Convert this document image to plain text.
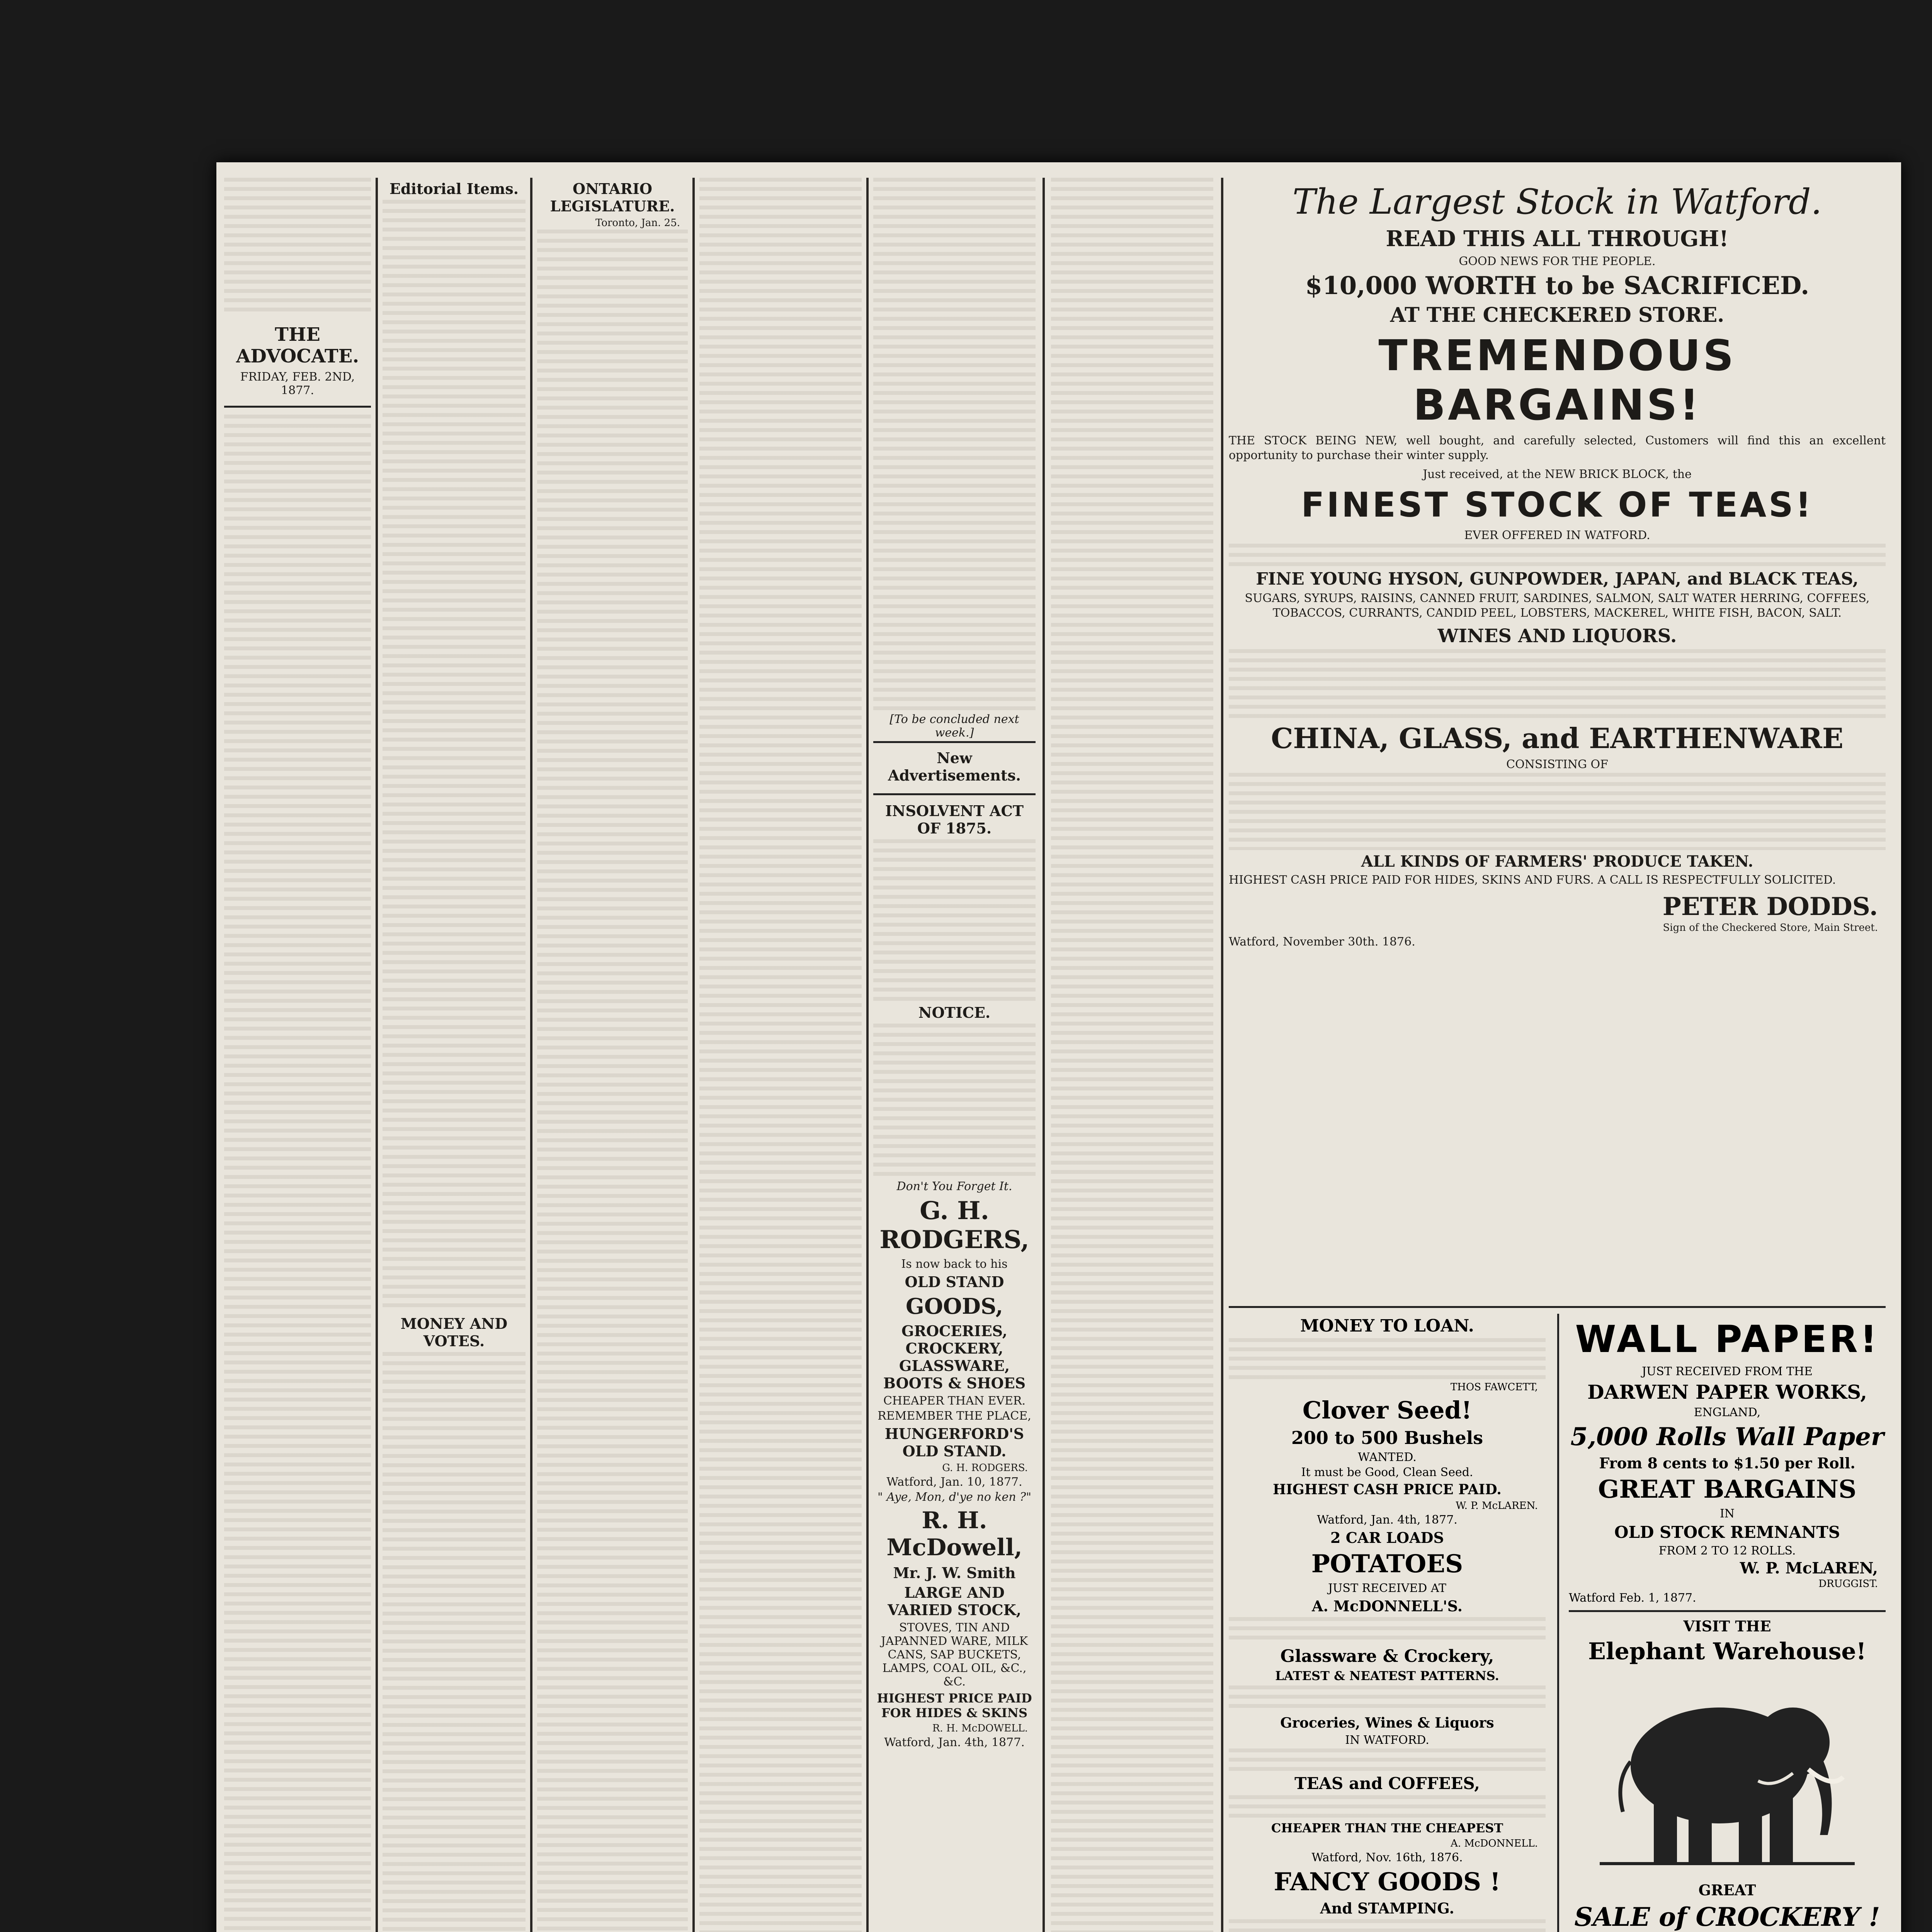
THE ADVOCATE.
FRIDAY, FEB. 2ND, 1877.
Editorial Items.
MONEY AND VOTES.
ONTARIO LEGISLATURE.
Toronto, Jan. 25.
[To be concluded next week.]
New Advertisements.
INSOLVENT ACT OF 1875.
NOTICE.
Don't You Forget It.
G. H. RODGERS,
Is now back to his
OLD STAND
GOODS,
GROCERIES, CROCKERY, GLASSWARE, BOOTS & SHOES
CHEAPER THAN EVER.
REMEMBER THE PLACE,
HUNGERFORD'S OLD STAND.
G. H. RODGERS.
Watford, Jan. 10, 1877.
" Aye, Mon, d'ye no ken ?"
R. H. McDowell,
Mr. J. W. Smith
LARGE AND VARIED STOCK,
STOVES, TIN AND JAPANNED WARE, MILK CANS, SAP BUCKETS, LAMPS, COAL OIL, &C., &C.
HIGHEST PRICE PAID FOR HIDES & SKINS
R. H. McDOWELL.
Watford, Jan. 4th, 1877.
The Largest Stock in Watford.
READ THIS ALL THROUGH!
GOOD NEWS FOR THE PEOPLE.
$10,000 WORTH to be SACRIFICED.
AT THE CHECKERED STORE.
TREMENDOUS BARGAINS!
THE STOCK BEING NEW, well bought, and carefully selected, Customers will find this an excellent opportunity to purchase their winter supply.
Just received, at the NEW BRICK BLOCK, the
FINEST STOCK OF TEAS!
EVER OFFERED IN WATFORD.
FINE YOUNG HYSON, GUNPOWDER, JAPAN, and BLACK TEAS,
SUGARS, SYRUPS, RAISINS, CANNED FRUIT, SARDINES, SALMON, SALT WATER HERRING, COFFEES, TOBACCOS, CURRANTS, CANDID PEEL, LOBSTERS, MACKEREL, WHITE FISH, BACON, SALT.
WINES AND LIQUORS.
CHINA, GLASS, and EARTHENWARE
CONSISTING OF
ALL KINDS OF FARMERS' PRODUCE TAKEN.
HIGHEST CASH PRICE PAID FOR HIDES, SKINS AND FURS. A CALL IS RESPECTFULLY SOLICITED.
PETER DODDS.
Sign of the Checkered Store, Main Street.
Watford, November 30th. 1876.
MONEY TO LOAN.
THOS FAWCETT,
Clover Seed!
200 to 500 Bushels
WANTED.
It must be Good, Clean Seed.
HIGHEST CASH PRICE PAID.
W. P. McLAREN.
Watford, Jan. 4th, 1877.
2 CAR LOADS
POTATOES
JUST RECEIVED AT
A. McDONNELL'S.
Glassware & Crockery,
LATEST & NEATEST PATTERNS.
Groceries, Wines & Liquors
IN WATFORD.
TEAS and COFFEES,
CHEAPER THAN THE CHEAPEST
A. McDONNELL.
Watford, Nov. 16th, 1876.
FANCY GOODS !
And STAMPING.
WALL PAPER!
JUST RECEIVED FROM THE
DARWEN PAPER WORKS,
ENGLAND,
5,000 Rolls Wall Paper
From 8 cents to $1.50 per Roll.
GREAT BARGAINS
IN
OLD STOCK REMNANTS
FROM 2 TO 12 ROLLS.
W. P. McLAREN,
DRUGGIST.
Watford Feb. 1, 1877.
VISIT THE
Elephant Warehouse!
GREAT
SALE of CROCKERY !
